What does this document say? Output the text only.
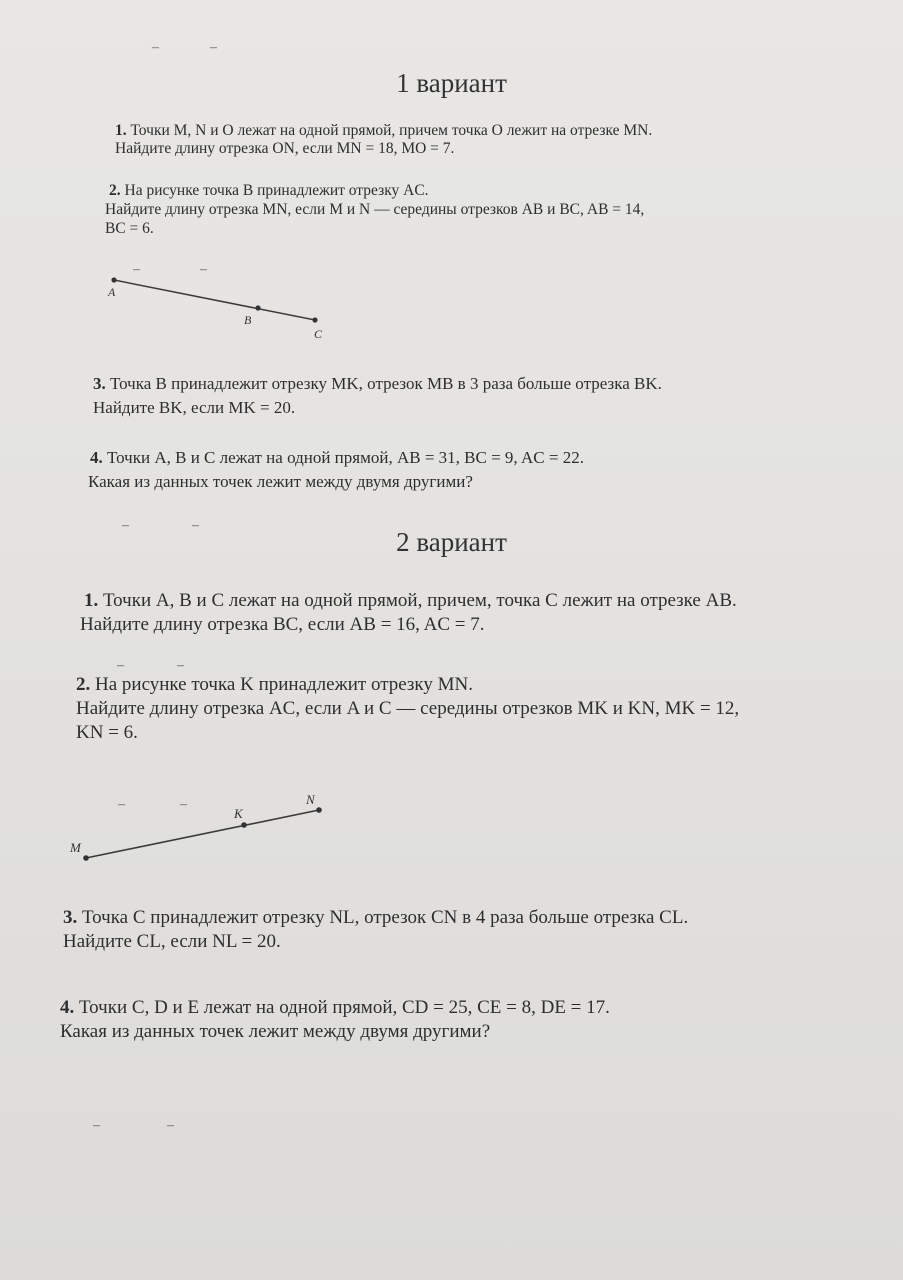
1 вариант
1. Точки M, N и O лежат на одной прямой, причем точка O лежит на отрезке MN.
Найдите длину отрезка ON, если MN = 18, MO = 7.
2. На рисунке точка B принадлежит отрезку AC.
Найдите длину отрезка MN, если M и N — середины отрезков AB и BC, AB = 14,
BC = 6.
A
B
C
3. Точка B принадлежит отрезку MK, отрезок MB в 3 раза больше отрезка BK.
Найдите BK, если MK = 20.
4. Точки A, B и C лежат на одной прямой, AB = 31, BC = 9, AC = 22.
Какая из данных точек лежит между двумя другими?
2 вариант
1. Точки A, B и C лежат на одной прямой, причем, точка C лежит на отрезке AB.
Найдите длину отрезка BC, если AB = 16, AC = 7.
2. На рисунке точка K принадлежит отрезку MN.
Найдите длину отрезка AC, если A и C — середины отрезков MK и KN, MK = 12,
KN = 6.
M
K
N
3. Точка C принадлежит отрезку NL, отрезок CN в 4 раза больше отрезка CL.
Найдите CL, если NL = 20.
4. Точки C, D и E лежат на одной прямой, CD = 25, CE = 8, DE = 17.
Какая из данных точек лежит между двумя другими?
–	–
–	–
–	–
–	–
–	–
–	–
